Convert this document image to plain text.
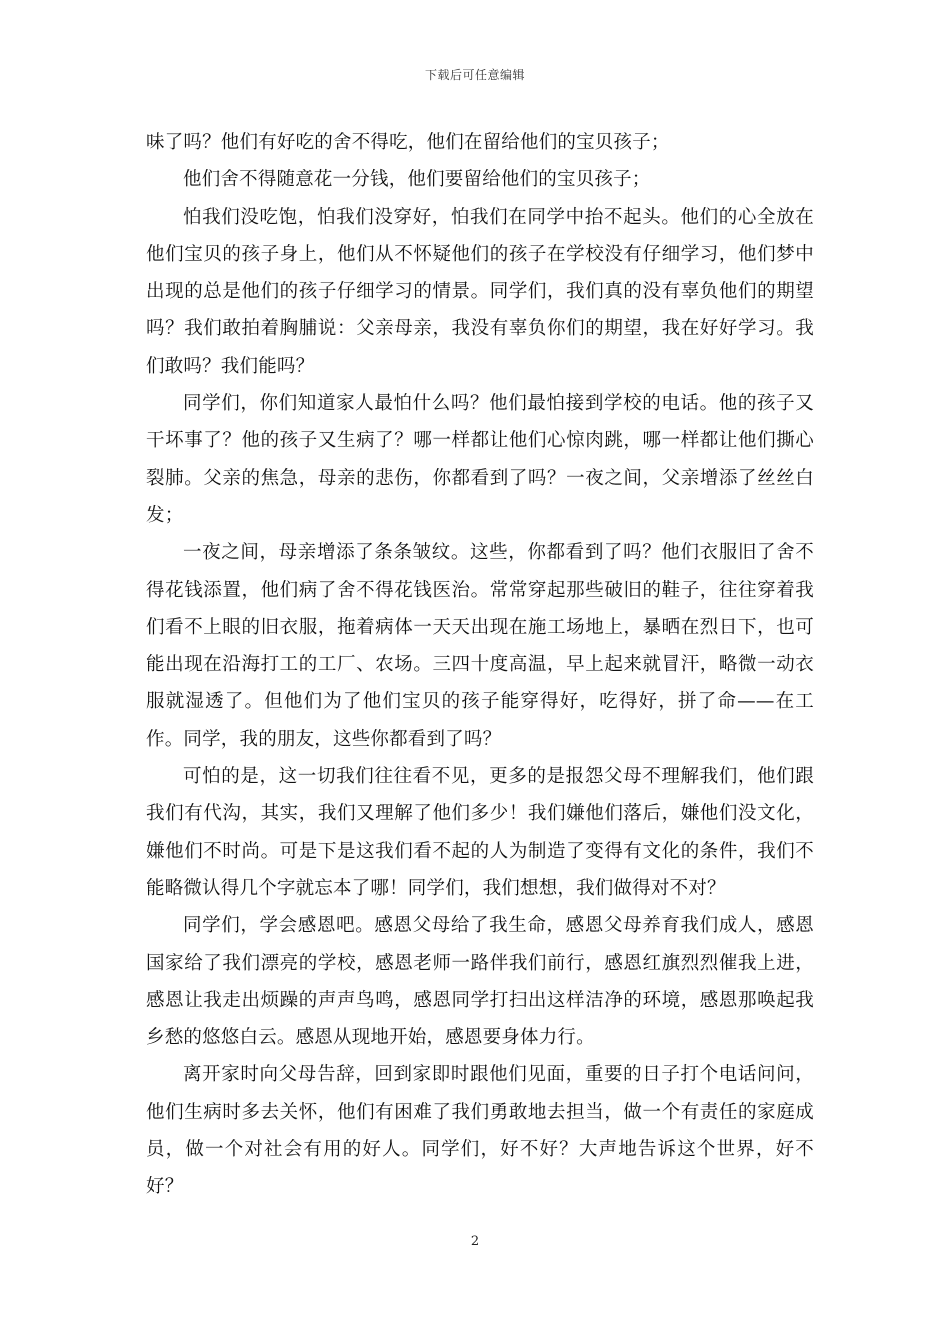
下载后可任意编辑

味了吗？他们有好吃的舍不得吃，他们在留给他们的宝贝孩子；

他们舍不得随意花一分钱，他们要留给他们的宝贝孩子；

怕我们没吃饱，怕我们没穿好，怕我们在同学中抬不起头。他们的心全放在他们宝贝的孩子身上，他们从不怀疑他们的孩子在学校没有仔细学习，他们梦中出现的总是他们的孩子仔细学习的情景。同学们，我们真的没有辜负他们的期望吗？我们敢拍着胸脯说：父亲母亲，我没有辜负你们的期望，我在好好学习。我们敢吗？我们能吗？

同学们，你们知道家人最怕什么吗？他们最怕接到学校的电话。他的孩子又干坏事了？他的孩子又生病了？哪一样都让他们心惊肉跳，哪一样都让他们撕心裂肺。父亲的焦急，母亲的悲伤，你都看到了吗？一夜之间，父亲增添了丝丝白发；

一夜之间，母亲增添了条条皱纹。这些，你都看到了吗？他们衣服旧了舍不得花钱添置，他们病了舍不得花钱医治。常常穿起那些破旧的鞋子，往往穿着我们看不上眼的旧衣服，拖着病体一天天出现在施工场地上，暴晒在烈日下，也可能出现在沿海打工的工厂、农场。三四十度高温，早上起来就冒汗，略微一动衣服就湿透了。但他们为了他们宝贝的孩子能穿得好，吃得好，拼了命——在工作。同学，我的朋友，这些你都看到了吗？

可怕的是，这一切我们往往看不见，更多的是报怨父母不理解我们，他们跟我们有代沟，其实，我们又理解了他们多少！我们嫌他们落后，嫌他们没文化，嫌他们不时尚。可是下是这我们看不起的人为制造了变得有文化的条件，我们不能略微认得几个字就忘本了哪！同学们，我们想想，我们做得对不对？

同学们，学会感恩吧。感恩父母给了我生命，感恩父母养育我们成人，感恩国家给了我们漂亮的学校，感恩老师一路伴我们前行，感恩红旗烈烈催我上进，感恩让我走出烦躁的声声鸟鸣，感恩同学打扫出这样洁净的环境，感恩那唤起我乡愁的悠悠白云。感恩从现地开始，感恩要身体力行。

离开家时向父母告辞，回到家即时跟他们见面，重要的日子打个电话问问，他们生病时多去关怀，他们有困难了我们勇敢地去担当，做一个有责任的家庭成员，做一个对社会有用的好人。同学们，好不好？大声地告诉这个世界，好不好？

2
